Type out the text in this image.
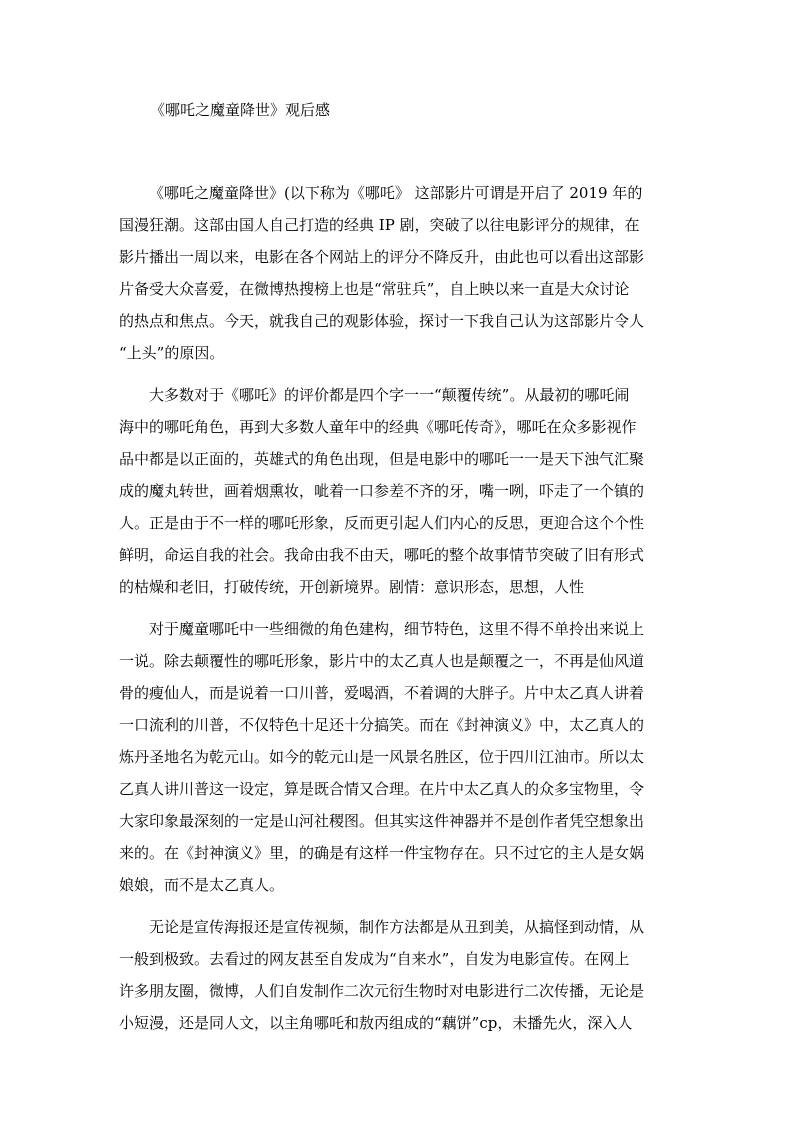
《哪吒之魔童降世》观后感
《哪吒之魔童降世》(以下称为《哪吒》 这部影片可谓是开启了 2019 年的
国漫狂潮。这部由国人自己打造的经典 IP 剧，突破了以往电影评分的规律，在
影片播出一周以来，电影在各个网站上的评分不降反升，由此也可以看出这部影
片备受大众喜爱，在微博热搜榜上也是“常驻兵”，自上映以来一直是大众讨论
的热点和焦点。今天，就我自己的观影体验，探讨一下我自己认为这部影片令人
“上头”的原因。
大多数对于《哪吒》的评价都是四个字一一“颠覆传统”。从最初的哪吒闹
海中的哪吒角色，再到大多数人童年中的经典《哪吒传奇》，哪吒在众多影视作
品中都是以正面的，英雄式的角色出现，但是电影中的哪吒一一是天下浊气汇聚
成的魔丸转世，画着烟熏妆，呲着一口参差不齐的牙，嘴一咧，吓走了一个镇的
人。正是由于不一样的哪吒形象，反而更引起人们内心的反思，更迎合这个个性
鲜明，命运自我的社会。我命由我不由天，哪吒的整个故事情节突破了旧有形式
的枯燥和老旧，打破传统，开创新境界。剧情：意识形态，思想，人性
对于魔童哪吒中一些细微的角色建构，细节特色，这里不得不单拎出来说上
一说。除去颠覆性的哪吒形象，影片中的太乙真人也是颠覆之一，不再是仙风道
骨的瘦仙人，而是说着一口川普，爱喝酒，不着调的大胖子。片中太乙真人讲着
一口流利的川普，不仅特色十足还十分搞笑。而在《封神演义》中，太乙真人的
炼丹圣地名为乾元山。如今的乾元山是一风景名胜区，位于四川江油市。所以太
乙真人讲川普这一设定，算是既合情又合理。在片中太乙真人的众多宝物里，令
大家印象最深刻的一定是山河社稷图。但其实这件神器并不是创作者凭空想象出
来的。在《封神演义》里，的确是有这样一件宝物存在。只不过它的主人是女娲
娘娘，而不是太乙真人。
无论是宣传海报还是宣传视频，制作方法都是从丑到美，从搞怪到动情，从
一般到极致。去看过的网友甚至自发成为“自来水”，自发为电影宣传。在网上
许多朋友圈，微博，人们自发制作二次元衍生物时对电影进行二次传播，无论是
小短漫，还是同人文，以主角哪吒和敖丙组成的“藕饼”cp，未播先火，深入人
